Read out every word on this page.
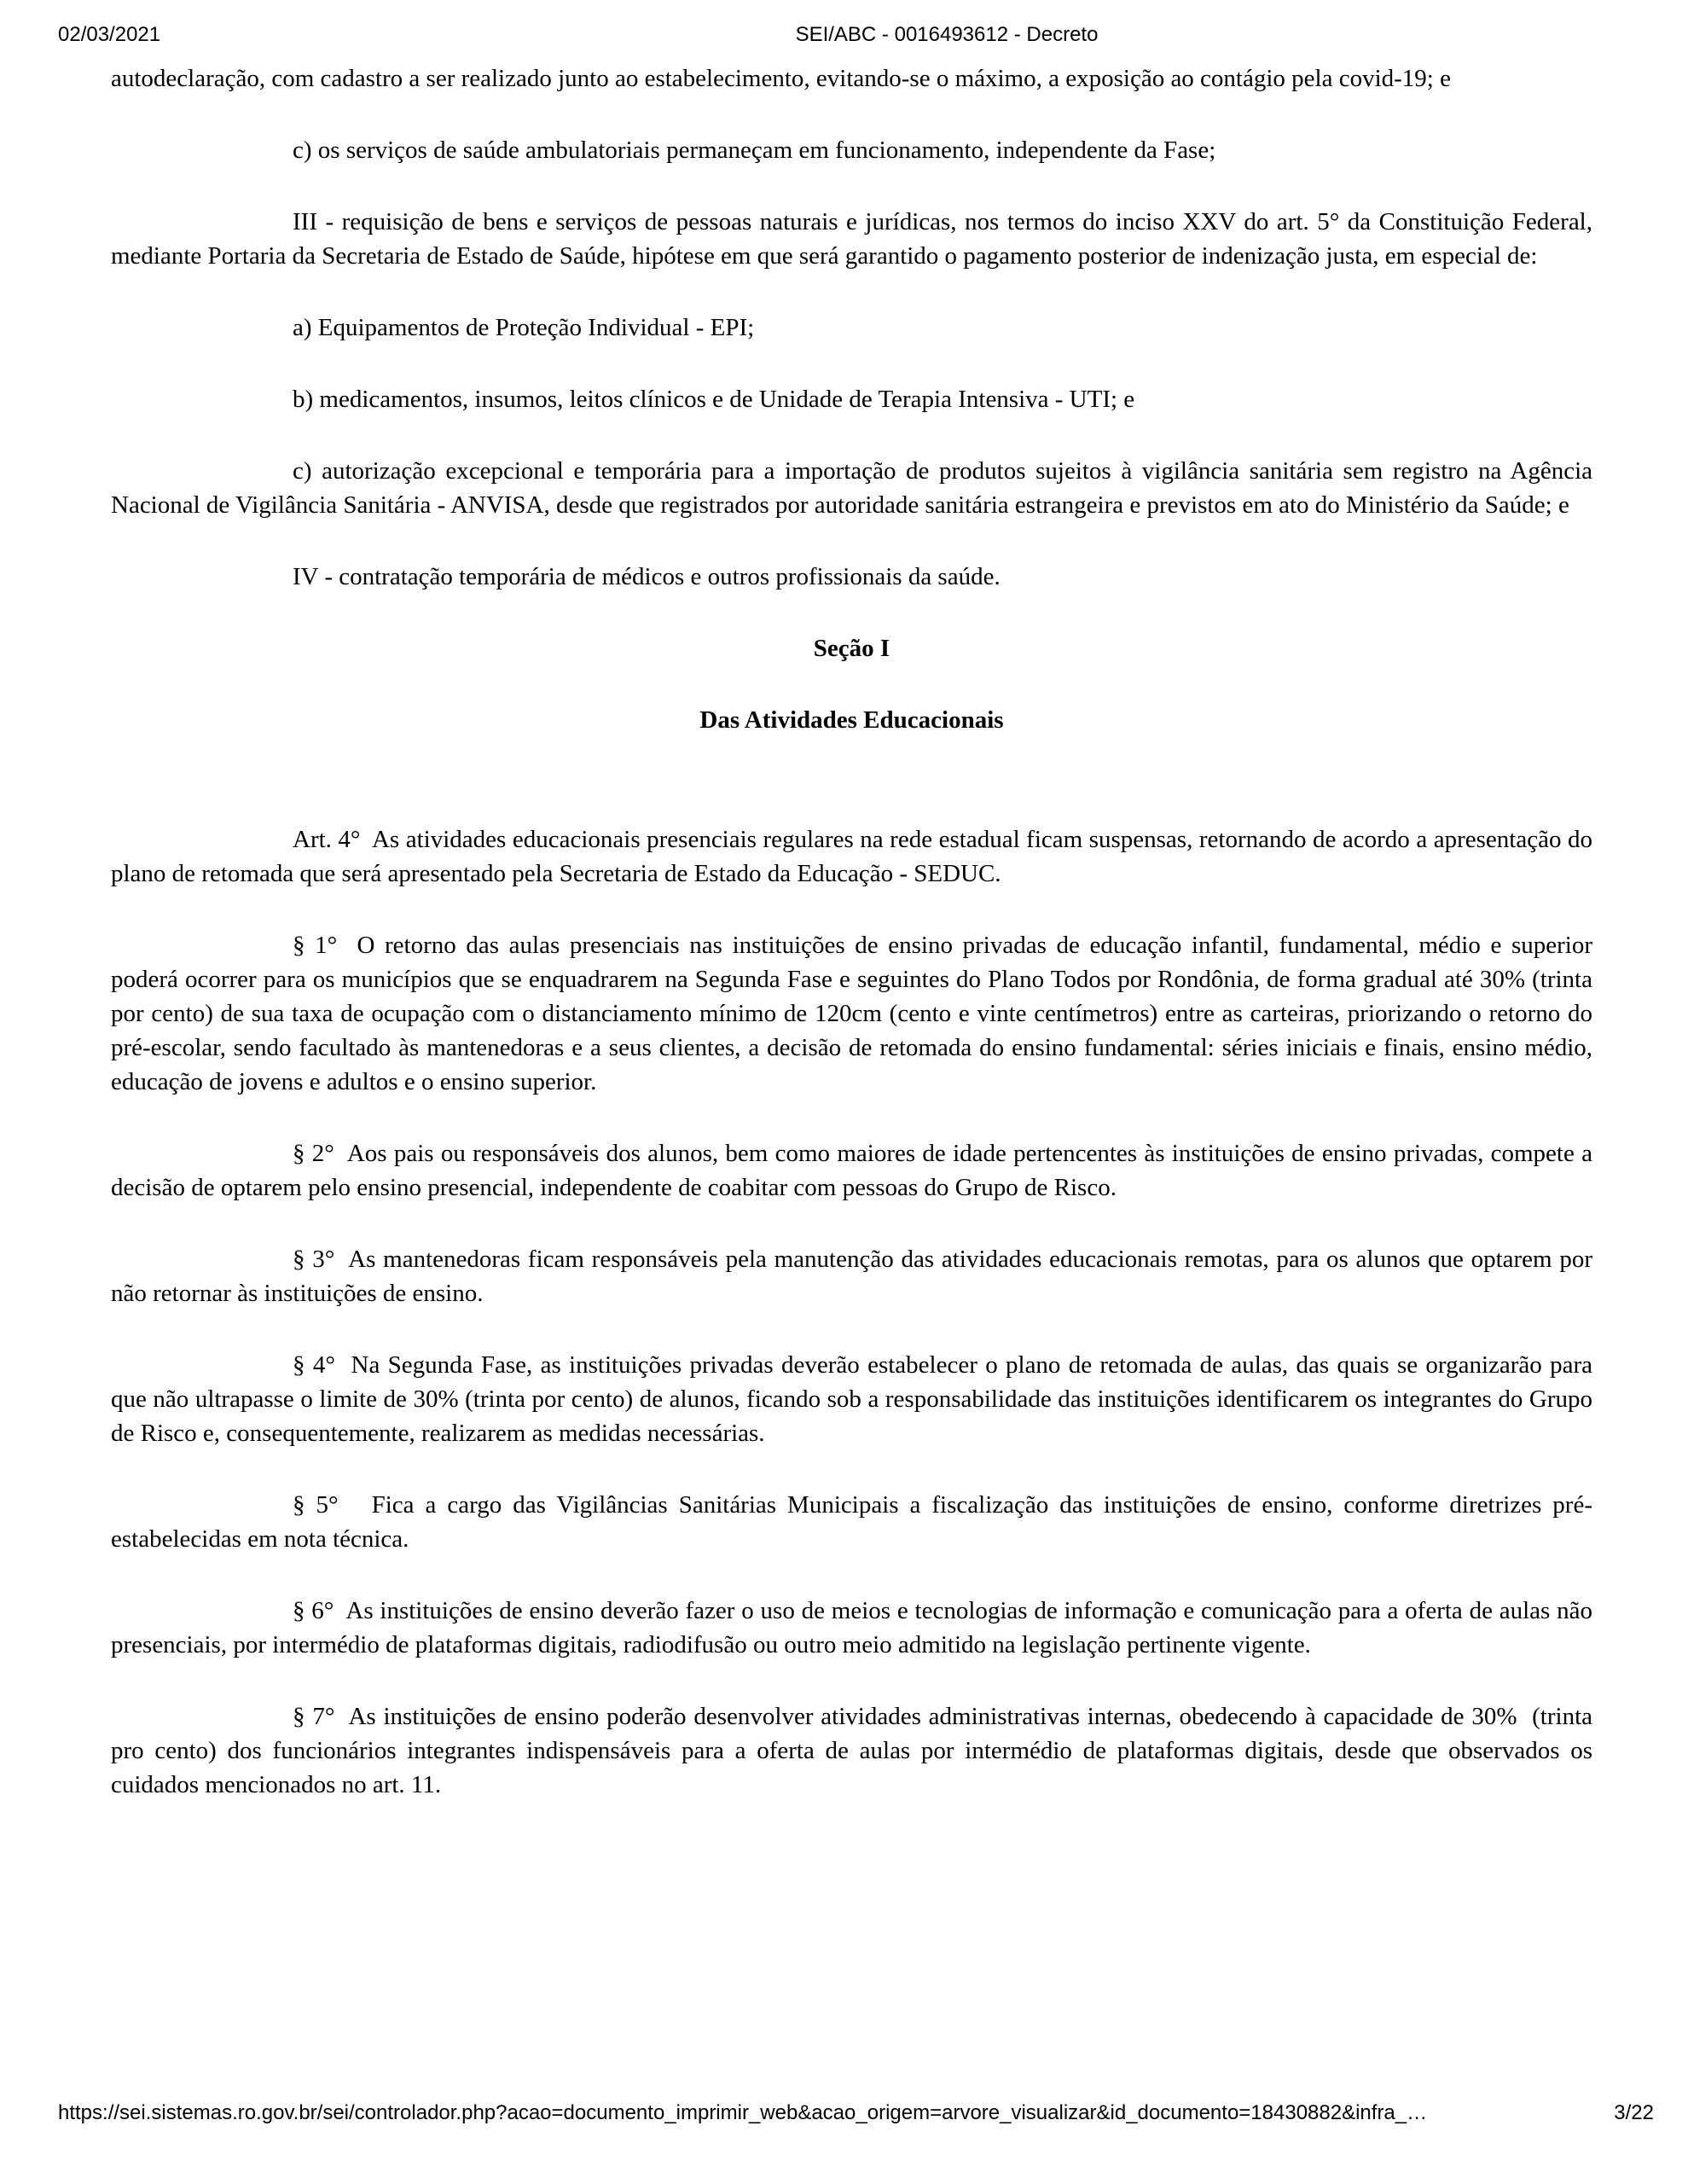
02/03/2021	SEI/ABC - 0016493612 - Decreto

autodeclaração, com cadastro a ser realizado junto ao estabelecimento, evitando-se o máximo, a exposição ao contágio pela covid-19; e

c) os serviços de saúde ambulatoriais permaneçam em funcionamento, independente da Fase;

III - requisição de bens e serviços de pessoas naturais e jurídicas, nos termos do inciso XXV do art. 5° da Constituição Federal, mediante Portaria da Secretaria de Estado de Saúde, hipótese em que será garantido o pagamento posterior de indenização justa, em especial de:

a) Equipamentos de Proteção Individual - EPI;

b) medicamentos, insumos, leitos clínicos e de Unidade de Terapia Intensiva - UTI; e

c) autorização excepcional e temporária para a importação de produtos sujeitos à vigilância sanitária sem registro na Agência Nacional de Vigilância Sanitária - ANVISA, desde que registrados por autoridade sanitária estrangeira e previstos em ato do Ministério da Saúde; e

IV - contratação temporária de médicos e outros profissionais da saúde.

Seção I

Das Atividades Educacionais

Art. 4°  As atividades educacionais presenciais regulares na rede estadual ficam suspensas, retornando de acordo a apresentação do plano de retomada que será apresentado pela Secretaria de Estado da Educação - SEDUC.

§ 1°  O retorno das aulas presenciais nas instituições de ensino privadas de educação infantil, fundamental, médio e superior poderá ocorrer para os municípios que se enquadrarem na Segunda Fase e seguintes do Plano Todos por Rondônia, de forma gradual até 30% (trinta por cento) de sua taxa de ocupação com o distanciamento mínimo de 120cm (cento e vinte centímetros) entre as carteiras, priorizando o retorno do pré-escolar, sendo facultado às mantenedoras e a seus clientes, a decisão de retomada do ensino fundamental: séries iniciais e finais, ensino médio, educação de jovens e adultos e o ensino superior.

§ 2°  Aos pais ou responsáveis dos alunos, bem como maiores de idade pertencentes às instituições de ensino privadas, compete a decisão de optarem pelo ensino presencial, independente de coabitar com pessoas do Grupo de Risco.

§ 3°  As mantenedoras ficam responsáveis pela manutenção das atividades educacionais remotas, para os alunos que optarem por não retornar às instituições de ensino.

§ 4°  Na Segunda Fase, as instituições privadas deverão estabelecer o plano de retomada de aulas, das quais se organizarão para que não ultrapasse o limite de 30% (trinta por cento) de alunos, ficando sob a responsabilidade das instituições identificarem os integrantes do Grupo de Risco e, consequentemente, realizarem as medidas necessárias.

§ 5°   Fica a cargo das Vigilâncias Sanitárias Municipais a fiscalização das instituições de ensino, conforme diretrizes pré-estabelecidas em nota técnica.

§ 6°  As instituições de ensino deverão fazer o uso de meios e tecnologias de informação e comunicação para a oferta de aulas não presenciais, por intermédio de plataformas digitais, radiodifusão ou outro meio admitido na legislação pertinente vigente.

§ 7°  As instituições de ensino poderão desenvolver atividades administrativas internas, obedecendo à capacidade de 30%  (trinta pro cento) dos funcionários integrantes indispensáveis para a oferta de aulas por intermédio de plataformas digitais, desde que observados os cuidados mencionados no art. 11.

https://sei.sistemas.ro.gov.br/sei/controlador.php?acao=documento_imprimir_web&acao_origem=arvore_visualizar&id_documento=18430882&infra_…	3/22
